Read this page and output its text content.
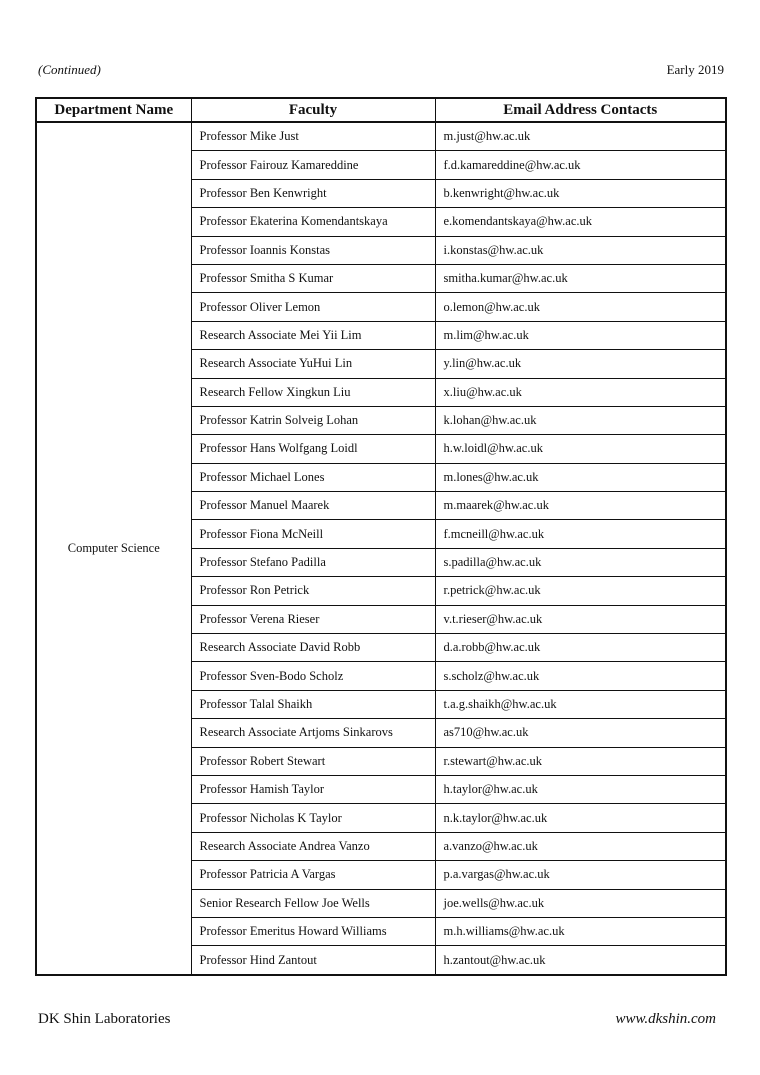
(Continued)	Early 2019
Department Name	Faculty	Email Address Contacts
Computer Science	Professor Mike Just	m.just@hw.ac.uk
	Professor Fairouz Kamareddine	f.d.kamareddine@hw.ac.uk
	Professor Ben Kenwright	b.kenwright@hw.ac.uk
	Professor Ekaterina Komendantskaya	e.komendantskaya@hw.ac.uk
	Professor Ioannis Konstas	i.konstas@hw.ac.uk
	Professor Smitha S Kumar	smitha.kumar@hw.ac.uk
	Professor Oliver Lemon	o.lemon@hw.ac.uk
	Research Associate Mei Yii Lim	m.lim@hw.ac.uk
	Research Associate YuHui Lin	y.lin@hw.ac.uk
	Research Fellow Xingkun Liu	x.liu@hw.ac.uk
	Professor Katrin Solveig Lohan	k.lohan@hw.ac.uk
	Professor Hans Wolfgang Loidl	h.w.loidl@hw.ac.uk
	Professor Michael Lones	m.lones@hw.ac.uk
	Professor Manuel Maarek	m.maarek@hw.ac.uk
	Professor Fiona McNeill	f.mcneill@hw.ac.uk
	Professor Stefano Padilla	s.padilla@hw.ac.uk
	Professor Ron Petrick	r.petrick@hw.ac.uk
	Professor Verena Rieser	v.t.rieser@hw.ac.uk
	Research Associate David Robb	d.a.robb@hw.ac.uk
	Professor Sven-Bodo Scholz	s.scholz@hw.ac.uk
	Professor Talal Shaikh	t.a.g.shaikh@hw.ac.uk
	Research Associate Artjoms Sinkarovs	as710@hw.ac.uk
	Professor Robert Stewart	r.stewart@hw.ac.uk
	Professor Hamish Taylor	h.taylor@hw.ac.uk
	Professor Nicholas K Taylor	n.k.taylor@hw.ac.uk
	Research Associate Andrea Vanzo	a.vanzo@hw.ac.uk
	Professor Patricia A Vargas	p.a.vargas@hw.ac.uk
	Senior Research Fellow Joe Wells	joe.wells@hw.ac.uk
	Professor Emeritus Howard Williams	m.h.williams@hw.ac.uk
	Professor Hind Zantout	h.zantout@hw.ac.uk
DK Shin Laboratories	www.dkshin.com
